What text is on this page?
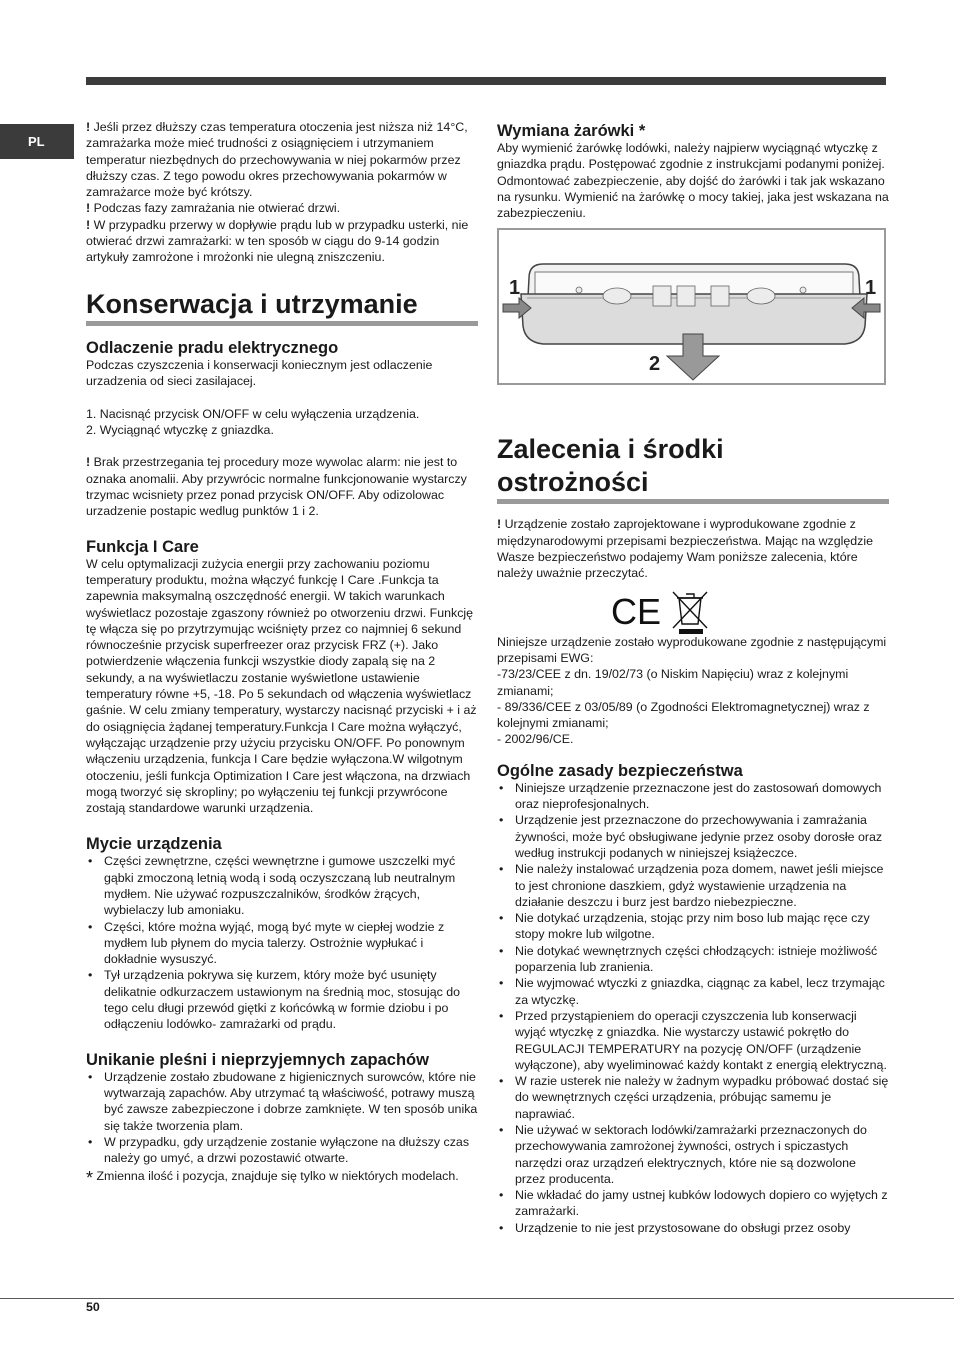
PL

! Jeśli przez dłuższy czas temperatura otoczenia jest niższa niż 14°C, zamrażarka może mieć trudności z osiągnięciem i utrzymaniem temperatur niezbędnych do przechowywania w niej pokarmów przez dłuższy czas. Z tego powodu okres przechowywania pokarmów w zamrażarce może być krótszy.

! Podczas fazy zamrażania nie otwierać drzwi.

! W przypadku przerwy w dopływie prądu lub w przypadku usterki, nie otwierać drzwi zamrażarki: w ten sposób w ciągu do 9-14 godzin artykuły zamrożone i mrożonki nie ulegną zniszczeniu.

Konserwacja i utrzymanie
Odlaczenie pradu elektrycznego

Podczas czyszczenia i konserwacji koniecznym jest odlaczenie urzadzenia od sieci zasilajacej.

1. Nacisnąć przycisk ON/OFF w celu wyłączenia urządzenia.
2. Wyciągnąć wtyczkę z gniazdka.

! Brak przestrzegania tej procedury moze wywolac alarm: nie jest to oznaka anomalii. Aby przywrócic normalne funkcjonowanie wystarczy trzymac wcisniety przez ponad przycisk ON/OFF. Aby odizolowac urzadzenie postapic wedlug punktów 1 i 2.

Funkcja I Care

W celu optymalizacji zużycia energii przy zachowaniu poziomu temperatury produktu, można włączyć funkcję I Care .Funkcja ta zapewnia maksymalną oszczędność energii. W takich warunkach wyświetlacz pozostaje zgaszony również po otworzeniu drzwi. Funkcję tę włącza się po przytrzymując wciśnięty przez co najmniej 6 sekund równocześnie przycisk superfreezer oraz przycisk FRZ (+). Jako potwierdzenie włączenia funkcji wszystkie diody zapalą się na 2 sekundy, a na wyświetlaczu zostanie wyświetlone ustawienie temperatury równe +5, -18. Po 5 sekundach od włączenia wyświetlacz gaśnie. W celu zmiany temperatury, wystarczy nacisnąć przyciski + i aż do osiągnięcia żądanej temperatury.Funkcja I Care można wyłączyć, wyłączając urządzenie przy użyciu przycisku ON/OFF. Po ponownym włączeniu urządzenia, funkcja I Care będzie wyłączona.W wilgotnym otoczeniu, jeśli funkcja Optimization I Care jest włączona, na drzwiach mogą tworzyć się skropliny; po wyłączeniu tej funkcji przywrócone zostają standardowe warunki urządzenia.

Mycie urządzenia
• Części zewnętrzne, części wewnętrzne i gumowe uszczelki myć gąbki zmoczoną letnią wodą i sodą oczyszczaną lub neutralnym mydłem. Nie używać rozpuszczalników, środków żrących, wybielaczy lub amoniaku.
• Części, które można wyjąć, mogą być myte w ciepłej wodzie z mydłem lub płynem do mycia talerzy. Ostrożnie wypłukać i dokładnie wysuszyć.
• Tył urządzenia pokrywa się kurzem, który może być usunięty delikatnie odkurzaczem ustawionym na średnią moc, stosując do tego celu długi przewód giętki z końcówką w formie dziobu i po odłączeniu lodówko- zamrażarki od prądu.
Unikanie pleśni i nieprzyjemnych zapachów
• Urządzenie zostało zbudowane z higienicznych surowców, które nie wytwarzają zapachów. Aby utrzymać tą właściwość, potrawy muszą być zawsze zabezpieczone i dobrze zamknięte. W ten sposób unika się także tworzenia plam.
• W przypadku, gdy urządzenie zostanie wyłączone na dłuższy czas należy go umyć, a drzwi pozostawić otwarte.

* Zmienna ilość i pozycja, znajduje się tylko w niektórych modelach.

Wymiana żarówki *

Aby wymienić żarówkę lodówki, należy najpierw wyciągnąć wtyczkę z gniazdka prądu. Postępować zgodnie z instrukcjami podanymi poniżej. Odmontować zabezpieczenie, aby dojść do żarówki i tak jak wskazano na rysunku. Wymienić na żarówkę o mocy takiej, jaka jest wskazana na zabezpieczeniu.

1	1
2
Zalecenia i środki
ostrożności

! Urządzenie zostało zaprojektowane i wyprodukowane zgodnie z międzynarodowymi przepisami bezpieczeństwa. Mając na względzie Wasze bezpieczeństwo podajemy Wam poniższe zalecenia, które należy uważnie przeczytać.

CE

Niniejsze urządzenie zostało wyprodukowane zgodnie z następującymi przepisami EWG:

-73/23/CEE z dn. 19/02/73 (o Niskim Napięciu) wraz z kolejnymi zmianami;

- 89/336/CEE z 03/05/89 (o Zgodności Elektromagnetycznej) wraz z kolejnymi zmianami;

- 2002/96/CE.

Ogólne zasady bezpieczeństwa
• Niniejsze urządzenie przeznaczone jest do zastosowań domowych oraz nieprofesjonalnych.
• Urządzenie jest przeznaczone do przechowywania i zamrażania żywności, może być obsługiwane jedynie przez osoby dorosłe oraz według instrukcji podanych w niniejszej książeczce.
• Nie należy instalować urządzenia poza domem, nawet jeśli miejsce to jest chronione daszkiem, gdyż wystawienie urządzenia na działanie deszczu i burz jest bardzo niebezpieczne.
• Nie dotykać urządzenia, stojąc przy nim boso lub mając ręce czy stopy mokre lub wilgotne.
• Nie dotykać wewnętrznych części chłodzących: istnieje możliwość poparzenia lub zranienia.
• Nie wyjmować wtyczki z gniazdka, ciągnąc za kabel, lecz trzymając za wtyczkę.
• Przed przystąpieniem do operacji czyszczenia lub konserwacji wyjąć wtyczkę z gniazdka. Nie wystarczy ustawić pokrętło do REGULACJI TEMPERATURY na pozycję ON/OFF (urządzenie wyłączone), aby wyeliminować każdy kontakt z energią elektryczną.
• W razie usterek nie należy w żadnym wypadku próbować dostać się do wewnętrznych części urządzenia, próbując samemu je naprawiać.
• Nie używać w sektorach lodówki/zamrażarki przeznaczonych do przechowywania zamrożonej żywności, ostrych i spiczastych narzędzi oraz urządzeń elektrycznych, które nie są dozwolone przez producenta.
• Nie wkładać do jamy ustnej kubków lodowych dopiero co wyjętych z zamrażarki.
• Urządzenie to nie jest przystosowane do obsługi przez osoby
50
